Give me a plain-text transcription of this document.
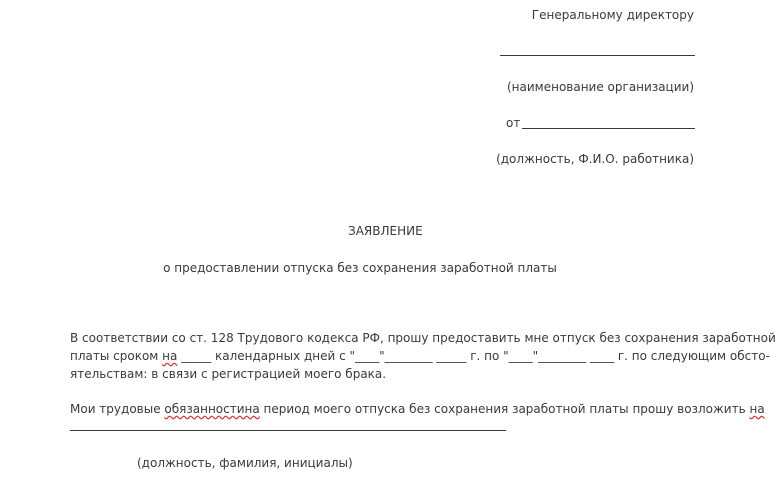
Генеральному директору
(наименование организации)
от
(должность, Ф.И.О. работника)
ЗАЯВЛЕНИЕ
о предоставлении отпуска без сохранения заработной платы
В соответствии со ст. 128 Трудового кодекса РФ, прошу предоставить мне отпуск без сохранения заработной
платы сроком на _____ календарных дней с "____"________ _____ г. по "____"________ ____ г. по следующим обсто-
ятельствам: в связи с регистрацией моего брака.
Мои трудовые обязанностина период моего отпуска без сохранения заработной платы прошу возложить на
(должность, фамилия, инициалы)
